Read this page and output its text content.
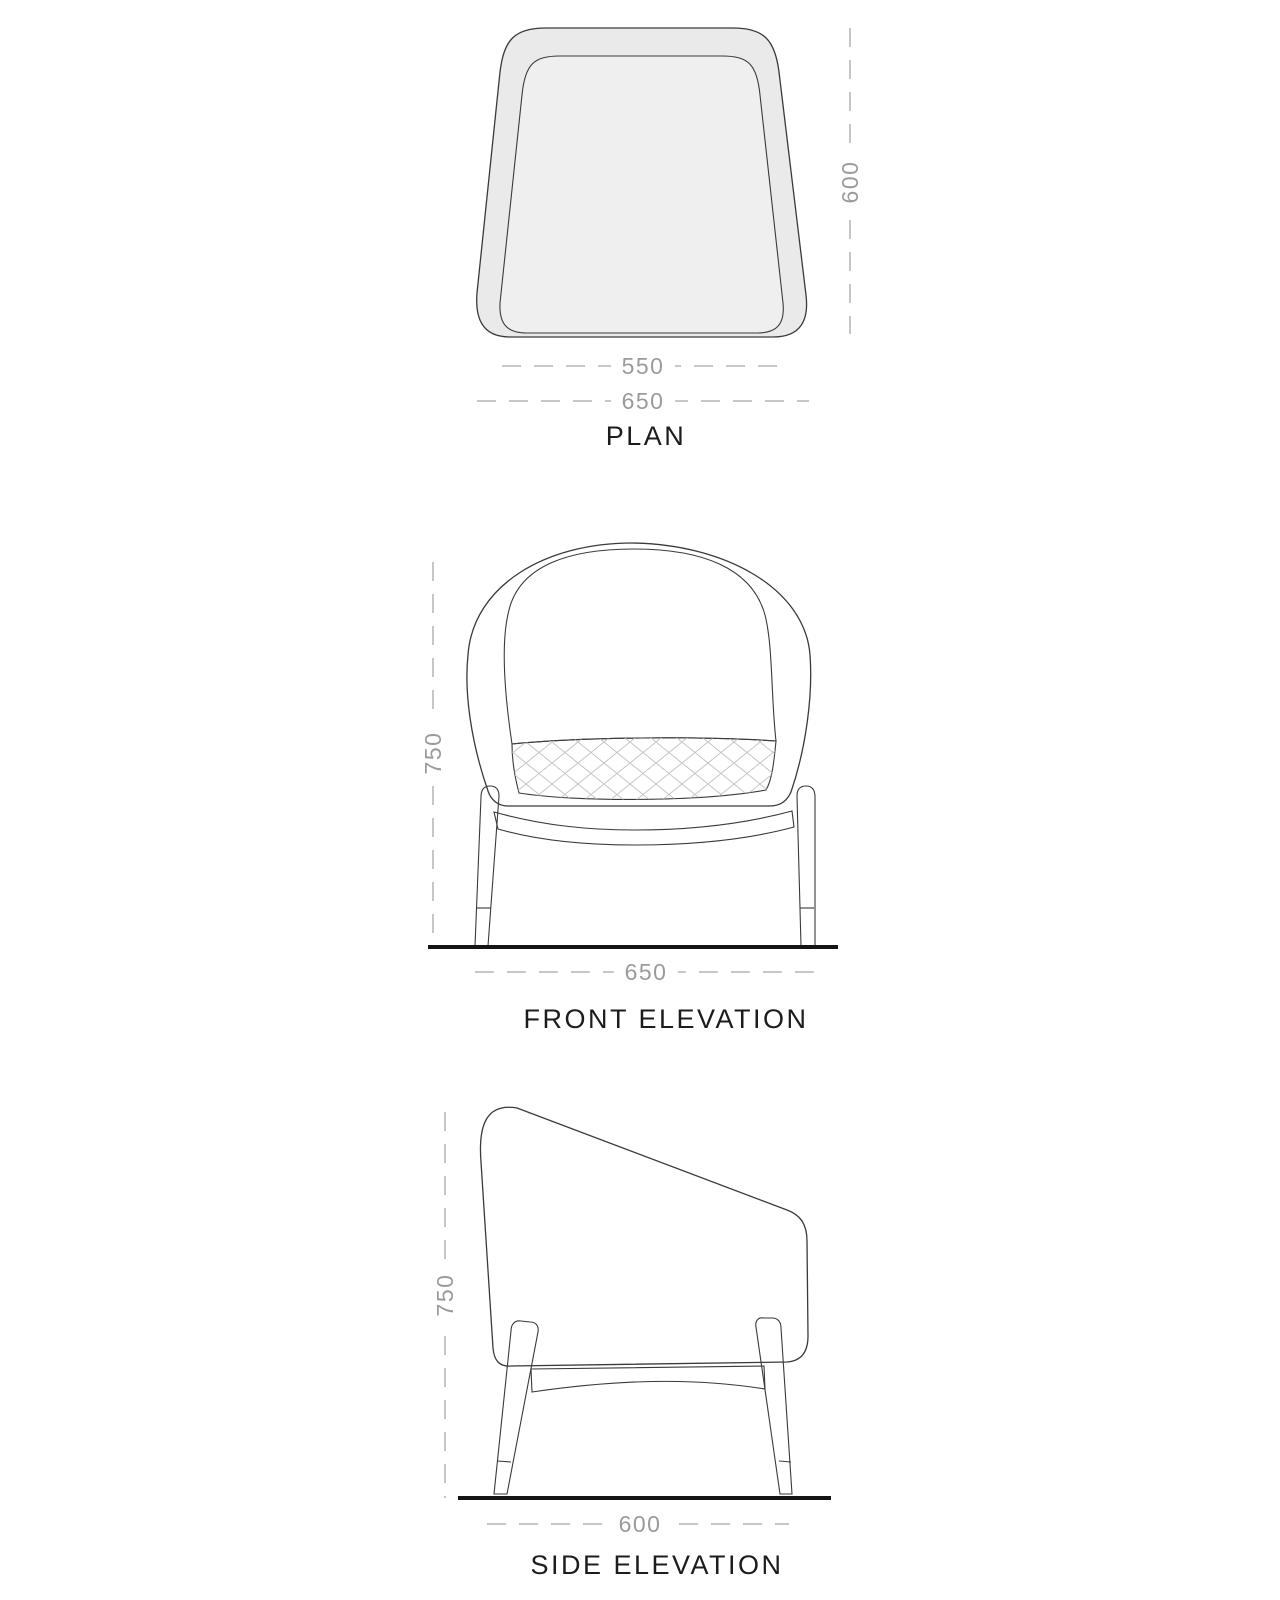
600
550
650
PLAN
750
650
FRONT ELEVATION
750
600
SIDE ELEVATION
